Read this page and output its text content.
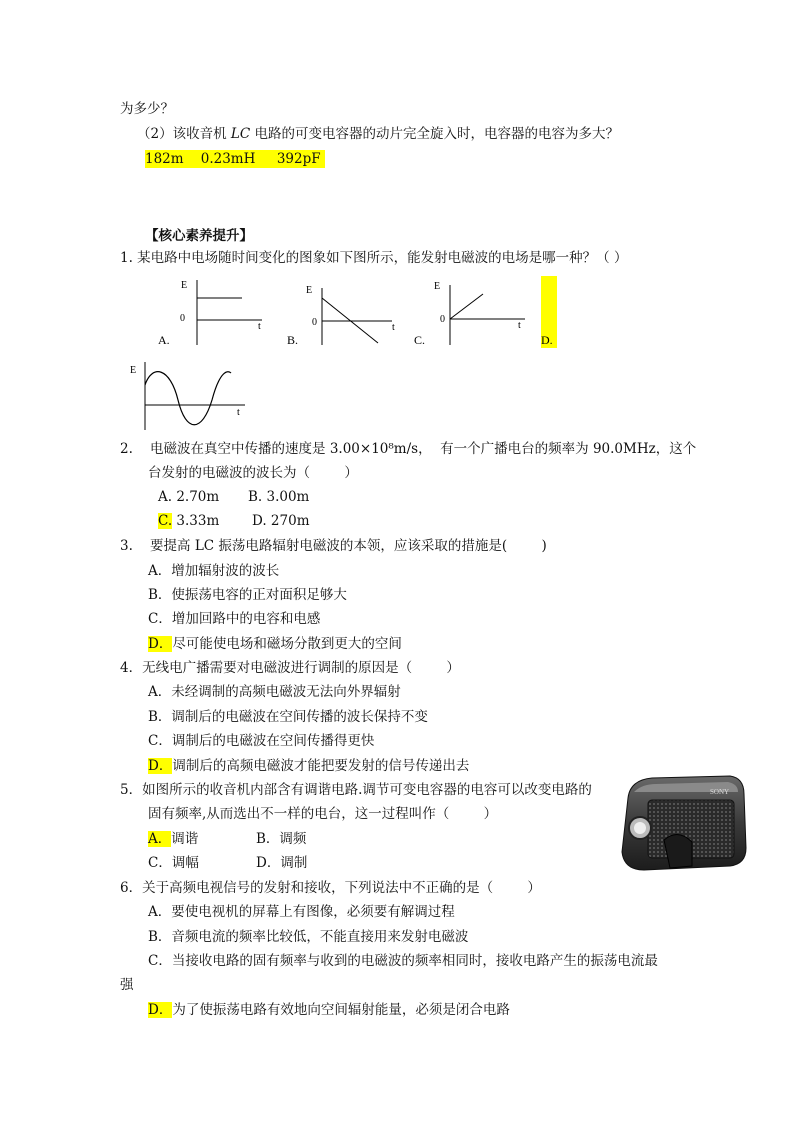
为多少？
（2）该收音机 LC 电路的可变电容器的动片完全旋入时，电容器的电容为多大？
182m    0.23mH     392pF
【核心素养提升】
1. 某电路中电场随时间变化的图象如下图所示，能发射电磁波的电场是哪一种？（ ）
E
0
t
A.
E
0	t
B.
E
0
t
C.	D.
E
t
2.    电磁波在真空中传播的速度是 3.00×10⁸m/s，  有一个广播电台的频率为 90.0MHz，这个
台发射的电磁波的波长为（        ）
A. 2.70m B. 3.00m
C. 3.33m D. 270m
3.    要提高 LC 振荡电路辐射电磁波的本领，应该采取的措施是(        )
A．增加辐射波的波长
B．使振荡电容的正对面积足够大
C．增加回路中的电容和电感
D．尽可能使电场和磁场分散到更大的空间
4．无线电广播需要对电磁波进行调制的原因是（        ）
A．未经调制的高频电磁波无法向外界辐射
B．调制后的电磁波在空间传播的波长保持不变
C．调制后的电磁波在空间传播得更快
D．调制后的高频电磁波才能把要发射的信号传递出去
5．如图所示的收音机内部含有调谐电路.调节可变电容器的电容可以改变电路的
固有频率,从而选出不一样的电台，这一过程叫作（        ）
A．调谐	B．调频
C．调幅	D．调制
SONY
6．关于高频电视信号的发射和接收，下列说法中不正确的是（        ）
A．要使电视机的屏幕上有图像，必须要有解调过程
B．音频电流的频率比较低，不能直接用来发射电磁波
C．当接收电路的固有频率与收到的电磁波的频率相同时，接收电路产生的振荡电流最
强
D．为了使振荡电路有效地向空间辐射能量，必须是闭合电路
